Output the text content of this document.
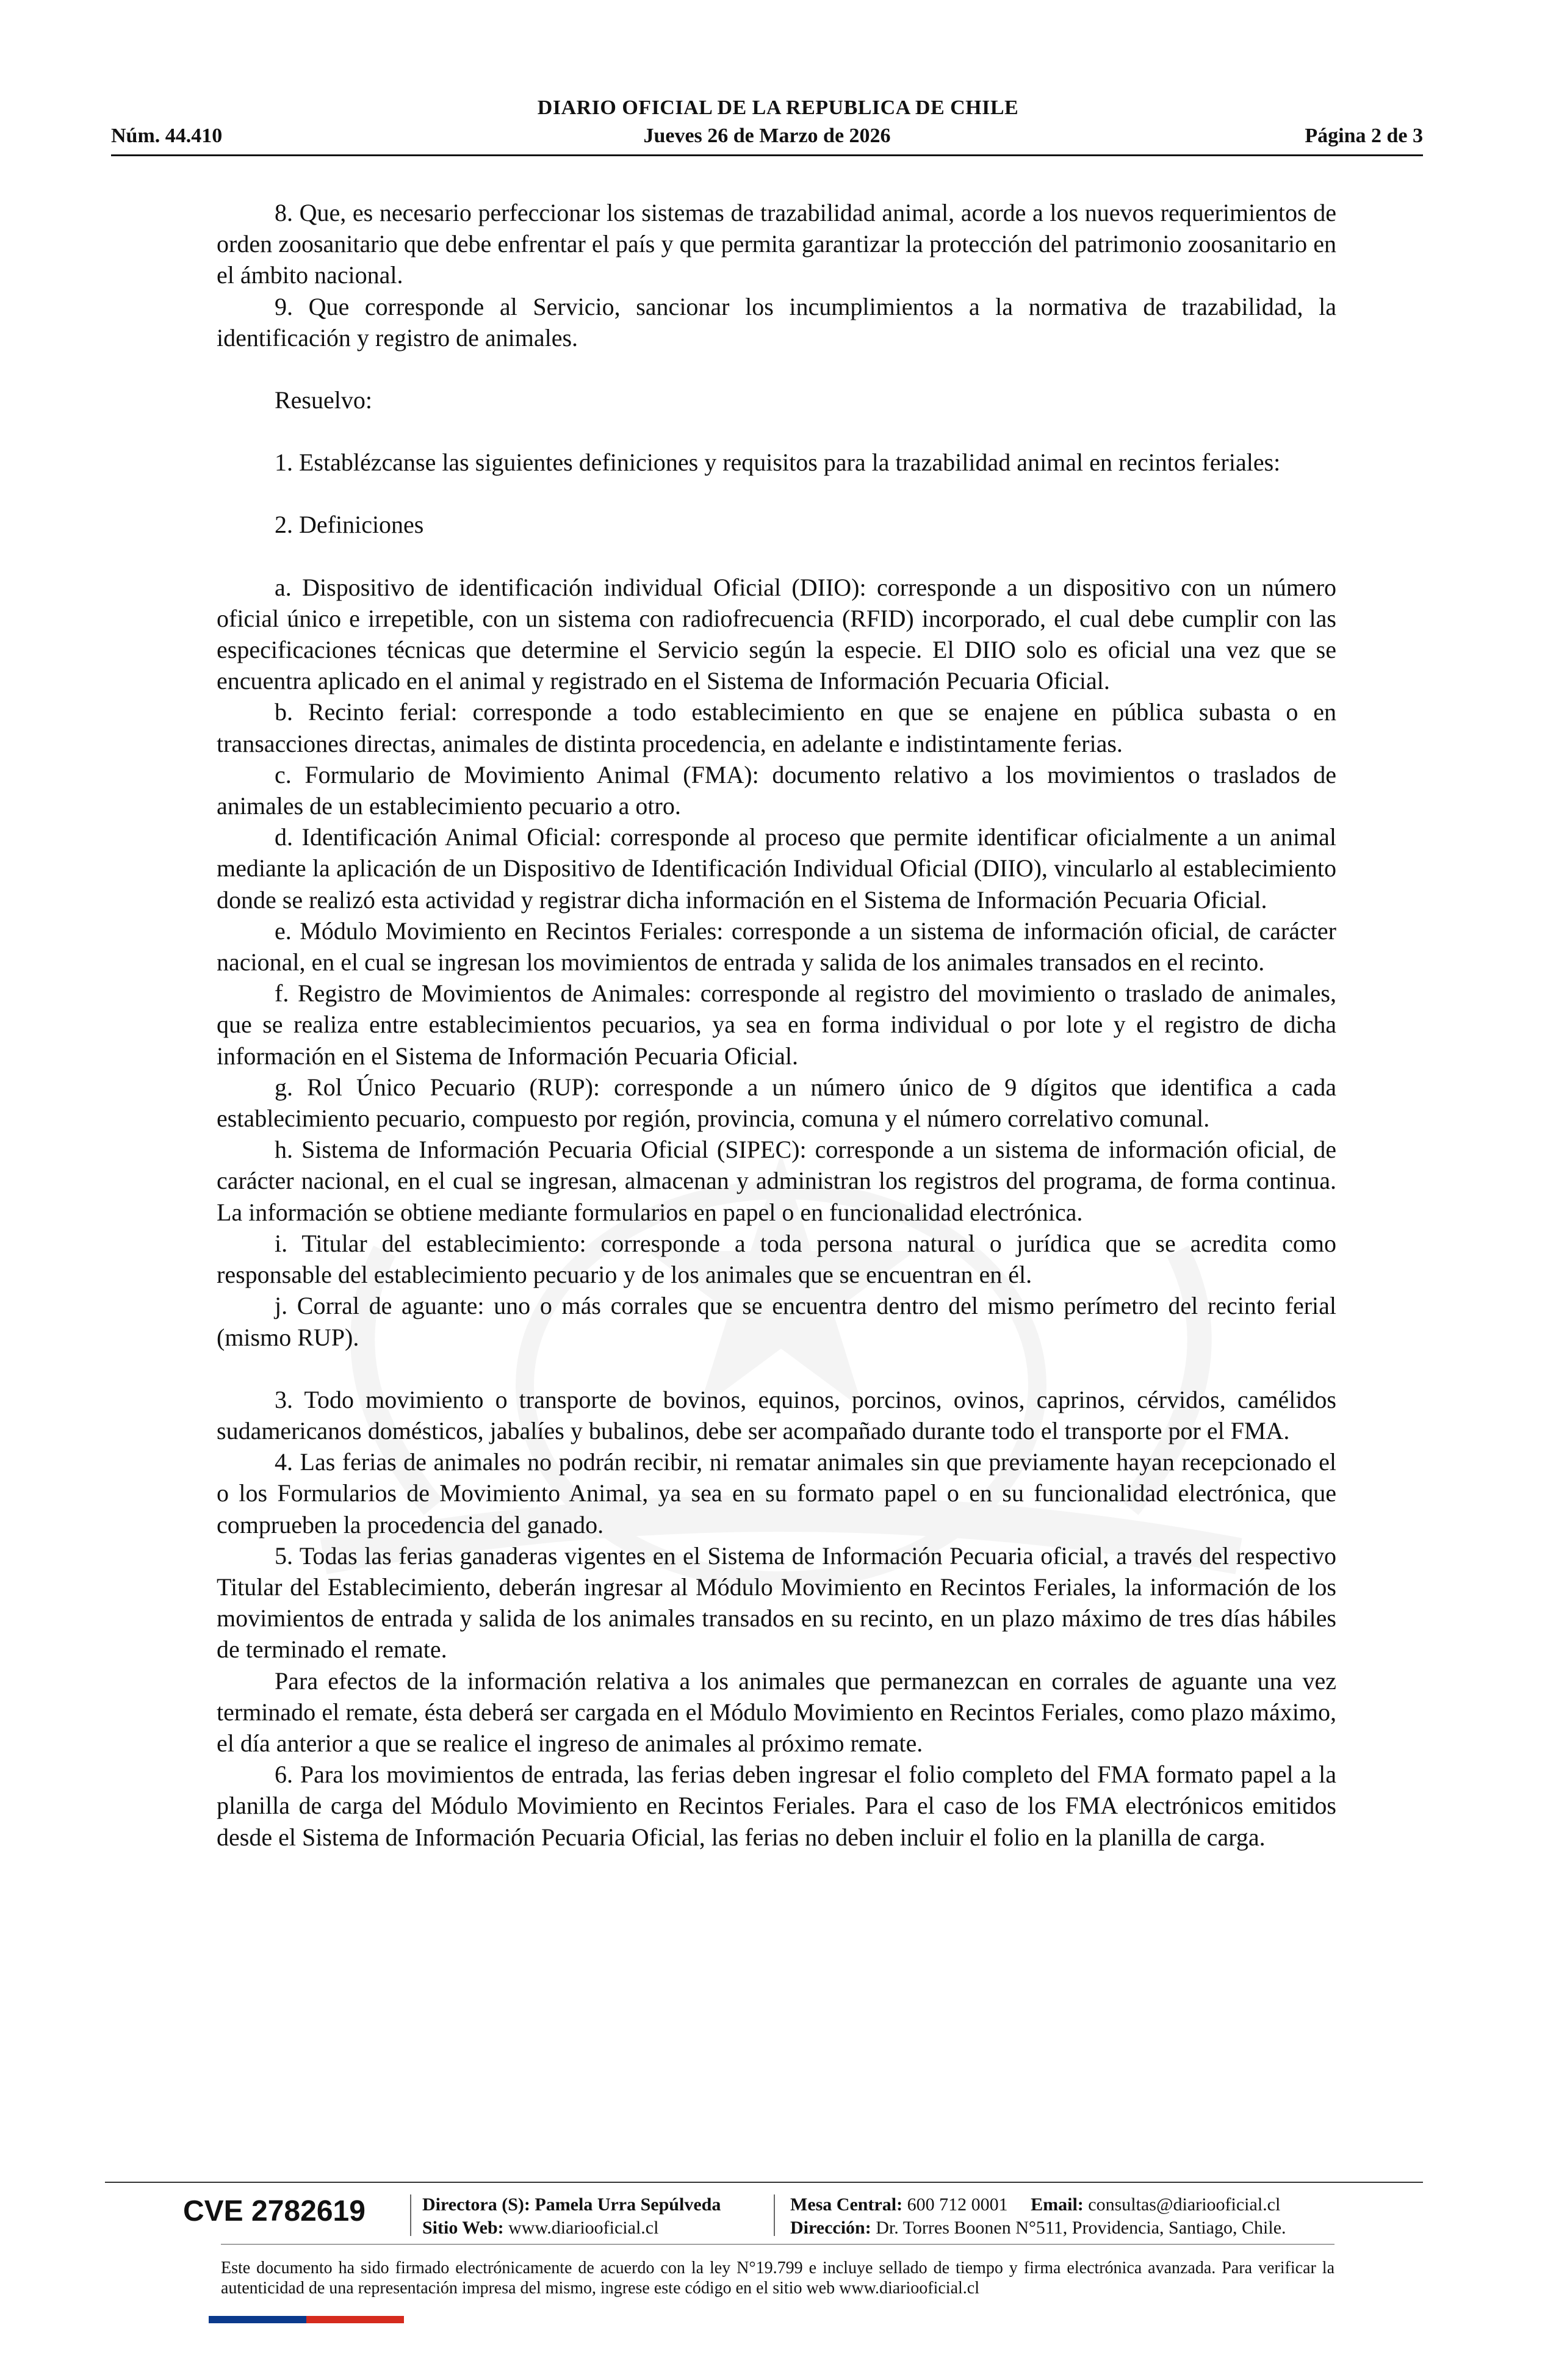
DIARIO OFICIAL DE LA REPUBLICA DE CHILE
Núm. 44.410	Jueves 26 de Marzo de 2026	Página 2 de 3

8. Que, es necesario perfeccionar los sistemas de trazabilidad animal, acorde a los nuevos requerimientos de orden zoosanitario que debe enfrentar el país y que permita garantizar la protección del patrimonio zoosanitario en el ámbito nacional.

9. Que corresponde al Servicio, sancionar los incumplimientos a la normativa de trazabilidad, la identificación y registro de animales.

Resuelvo:

1. Establézcanse las siguientes definiciones y requisitos para la trazabilidad animal en recintos feriales:

2. Definiciones

a. Dispositivo de identificación individual Oficial (DIIO): corresponde a un dispositivo con un número oficial único e irrepetible, con un sistema con radiofrecuencia (RFID) incorporado, el cual debe cumplir con las especificaciones técnicas que determine el Servicio según la especie. El DIIO solo es oficial una vez que se encuentra aplicado en el animal y registrado en el Sistema de Información Pecuaria Oficial.

b. Recinto ferial: corresponde a todo establecimiento en que se enajene en pública subasta o en transacciones directas, animales de distinta procedencia, en adelante e indistintamente ferias.

c. Formulario de Movimiento Animal (FMA): documento relativo a los movimientos o traslados de animales de un establecimiento pecuario a otro.

d. Identificación Animal Oficial: corresponde al proceso que permite identificar oficialmente a un animal mediante la aplicación de un Dispositivo de Identificación Individual Oficial (DIIO), vincularlo al establecimiento donde se realizó esta actividad y registrar dicha información en el Sistema de Información Pecuaria Oficial.

e. Módulo Movimiento en Recintos Feriales: corresponde a un sistema de información oficial, de carácter nacional, en el cual se ingresan los movimientos de entrada y salida de los animales transados en el recinto.

f. Registro de Movimientos de Animales: corresponde al registro del movimiento o traslado de animales, que se realiza entre establecimientos pecuarios, ya sea en forma individual o por lote y el registro de dicha información en el Sistema de Información Pecuaria Oficial.

g. Rol Único Pecuario (RUP): corresponde a un número único de 9 dígitos que identifica a cada establecimiento pecuario, compuesto por región, provincia, comuna y el número correlativo comunal.

h. Sistema de Información Pecuaria Oficial (SIPEC): corresponde a un sistema de información oficial, de carácter nacional, en el cual se ingresan, almacenan y administran los registros del programa, de forma continua. La información se obtiene mediante formularios en papel o en funcionalidad electrónica.

i. Titular del establecimiento: corresponde a toda persona natural o jurídica que se acredita como responsable del establecimiento pecuario y de los animales que se encuentran en él.

j. Corral de aguante: uno o más corrales que se encuentra dentro del mismo perímetro del recinto ferial (mismo RUP).

3. Todo movimiento o transporte de bovinos, equinos, porcinos, ovinos, caprinos, cérvidos, camélidos sudamericanos domésticos, jabalíes y bubalinos, debe ser acompañado durante todo el transporte por el FMA.

4. Las ferias de animales no podrán recibir, ni rematar animales sin que previamente hayan recepcionado el o los Formularios de Movimiento Animal, ya sea en su formato papel o en su funcionalidad electrónica, que comprueben la procedencia del ganado.

5. Todas las ferias ganaderas vigentes en el Sistema de Información Pecuaria oficial, a través del respectivo Titular del Establecimiento, deberán ingresar al Módulo Movimiento en Recintos Feriales, la información de los movimientos de entrada y salida de los animales transados en su recinto, en un plazo máximo de tres días hábiles de terminado el remate.

Para efectos de la información relativa a los animales que permanezcan en corrales de aguante una vez terminado el remate, ésta deberá ser cargada en el Módulo Movimiento en Recintos Feriales, como plazo máximo, el día anterior a que se realice el ingreso de animales al próximo remate.

6. Para los movimientos de entrada, las ferias deben ingresar el folio completo del FMA formato papel a la planilla de carga del Módulo Movimiento en Recintos Feriales. Para el caso de los FMA electrónicos emitidos desde el Sistema de Información Pecuaria Oficial, las ferias no deben incluir el folio en la planilla de carga.

CVE 2782619	Directora (S): Pamela Urra Sepúlveda
Sitio Web: www.diariooficial.cl
Mesa Central: 600 712 0001 Email: consultas@diariooficial.cl
Dirección: Dr. Torres Boonen N°511, Providencia, Santiago, Chile.
Este documento ha sido firmado electrónicamente de acuerdo con la ley N°19.799 e incluye sellado de tiempo y firma electrónica avanzada. Para verificar la autenticidad de una representación impresa del mismo, ingrese este código en el sitio web www.diariooficial.cl
